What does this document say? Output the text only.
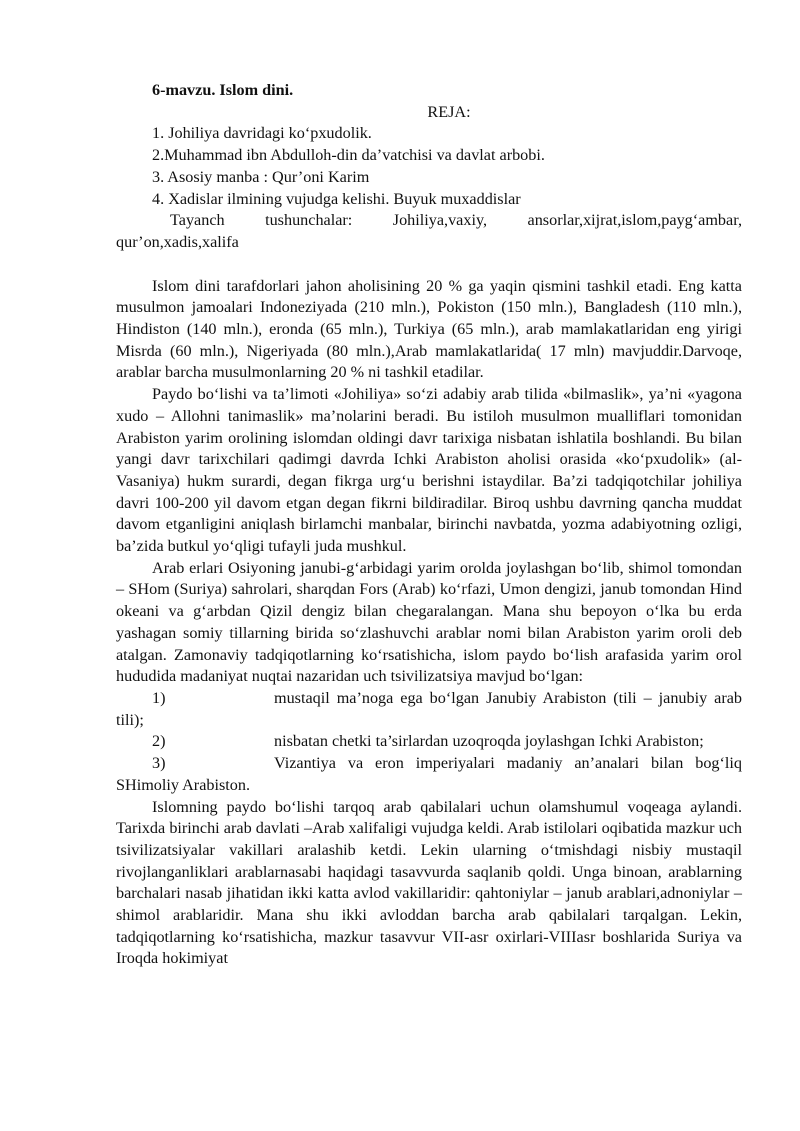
6-mavzu. Islom dini.
REJA:
1. Johiliya davridagi ko‘pxudolik.
2.Muhammad ibn Abdulloh-din da’vatchisi va davlat arbobi.
3. Asosiy manba : Qur’oni Karim
4. Xadislar ilmining vujudga kelishi. Buyuk muxaddislar

Tayanch tushunchalar: Johiliya,vaxiy, ansorlar,xijrat,islom,payg‘ambar, qur’on,xadis,xalifa

Islom dini tarafdorlari jahon aholisining 20 % ga yaqin qismini tashkil etadi. Eng katta musulmon jamoalari Indoneziyada (210 mln.), Pokiston (150 mln.), Bangladesh (110 mln.), Hindiston (140 mln.), eronda (65 mln.), Turkiya (65 mln.), arab mamlakatlaridan eng yirigi Misrda (60 mln.), Nigeriyada (80 mln.),Arab mamlakatlarida( 17 mln) mavjuddir.Darvoqe, arablar barcha musulmonlarning 20 % ni tashkil etadilar.

Paydo bo‘lishi va ta’limoti «Johiliya» so‘zi adabiy arab tilida «bilmaslik», ya’ni «yagona xudo – Allohni tanimaslik» ma’nolarini beradi. Bu istiloh musulmon mualliflari tomonidan Arabiston yarim orolining islomdan oldingi davr tarixiga nisbatan ishlatila boshlandi. Bu bilan yangi davr tarixchilari qadimgi davrda Ichki Arabiston aholisi orasida «ko‘pxudolik» (al-Vasaniya) hukm surardi, degan fikrga urg‘u berishni istaydilar. Ba’zi tadqiqotchilar johiliya davri 100-200 yil davom etgan degan fikrni bildiradilar. Biroq ushbu davrning qancha muddat davom etganligini aniqlash birlamchi manbalar, birinchi navbatda, yozma adabiyotning ozligi, ba’zida butkul yo‘qligi tufayli juda mushkul.

Arab erlari Osiyoning janubi-g‘arbidagi yarim orolda joylashgan bo‘lib, shimol tomondan – SHom (Suriya) sahrolari, sharqdan Fors (Arab) ko‘rfazi, Umon dengizi, janub tomondan Hind okeani va g‘arbdan Qizil dengiz bilan chegaralangan. Mana shu bepoyon o‘lka bu erda yashagan somiy tillarning birida so‘zlashuvchi arablar nomi bilan Arabiston yarim oroli deb atalgan. Zamonaviy tadqiqotlarning ko‘rsatishicha, islom paydo bo‘lish arafasida yarim orol hududida madaniyat nuqtai nazaridan uch tsivilizatsiya mavjud bo‘lgan:

1)	mustaqil ma’noga ega bo‘lgan Janubiy Arabiston (tili – janubiy arab tili);
2)	nisbatan chetki ta’sirlardan uzoqroqda joylashgan Ichki Arabiston;
3)	Vizantiya va eron imperiyalari madaniy an’analari bilan bog‘liq SHimoliy Arabiston.

Islomning paydo bo‘lishi tarqoq arab qabilalari uchun olamshumul voqeaga aylandi. Tarixda birinchi arab davlati –Arab xalifaligi vujudga keldi. Arab istilolari oqibatida mazkur uch tsivilizatsiyalar vakillari aralashib ketdi. Lekin ularning o‘tmishdagi nisbiy mustaqil rivojlanganliklari arablarnasabi haqidagi tasavvurda saqlanib qoldi. Unga binoan, arablarning barchalari nasab jihatidan ikki katta avlod vakillaridir: qahtoniylar – janub arablari,adnoniylar – shimol arablaridir. Mana shu ikki avloddan barcha arab qabilalari tarqalgan. Lekin, tadqiqotlarning ko‘rsatishicha, mazkur tasavvur VII-asr oxirlari-VIIIasr boshlarida Suriya va Iroqda hokimiyat
